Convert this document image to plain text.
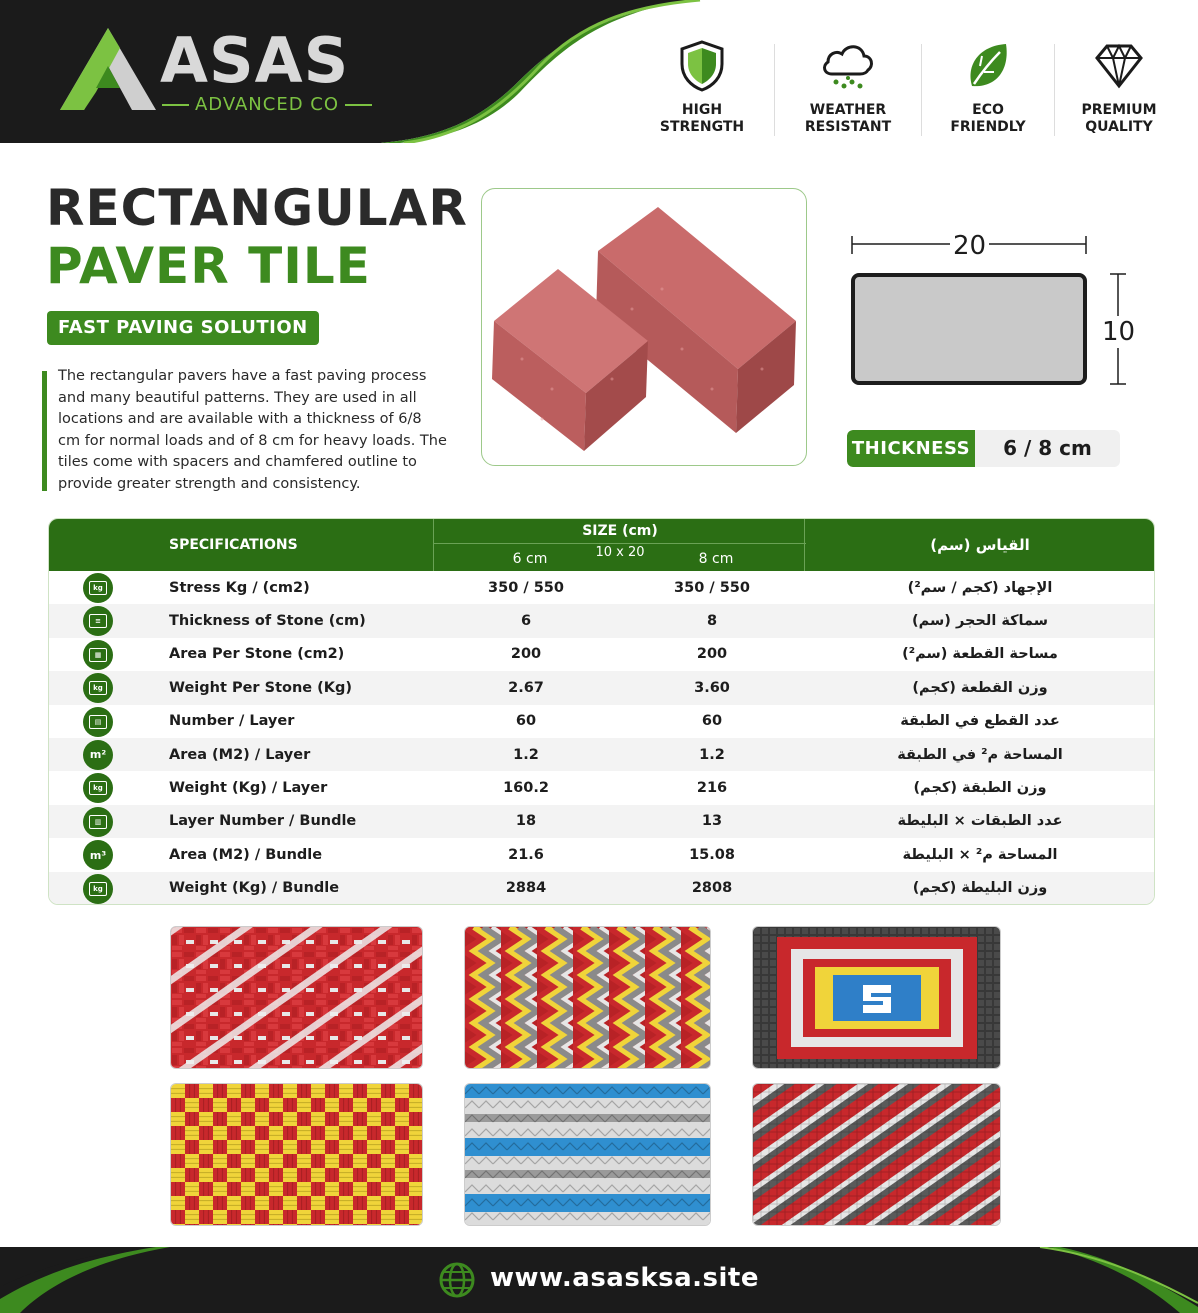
ASAS
ADVANCED CO	HIGH
STRENGTH
WEATHER
RESISTANT
ECO
FRIENDLY
PREMIUM
QUALITY
RECTANGULAR
PAVER TILE
FAST PAVING SOLUTION
The rectangular pavers have a fast paving process and many beautiful patterns. They are used in all locations and are available with a thickness of 6/8 cm for normal loads and of 8 cm for heavy loads. The tiles come with spacers and chamfered outline to provide greater strength and consistency.
20
10
THICKNESS	6 / 8 cm
SPECIFICATIONS
SIZE (cm)
10 x 20
6 cm	8 cm
القياس (سم)
kg	Stress Kg / (cm2)	350 / 550	350 / 550	الإجهاد (كجم / سم²)
≡	Thickness of Stone (cm)	6	8	سماكة الحجر (سم)
▦	Area Per Stone (cm2)	200	200	مساحة القطعة (سم²)
kg	Weight Per Stone (Kg)	2.67	3.60	وزن القطعة (كجم)
▤	Number / Layer	60	60	عدد القطع في الطبقة
m²	Area (M2) / Layer	1.2	1.2	المساحة م² في الطبقة
kg	Weight (Kg) / Layer	160.2	216	وزن الطبقة (كجم)
▥	Layer Number / Bundle	18	13	عدد الطبقات × البليطة
m³	Area (M2) / Bundle	21.6	15.08	المساحة م² × البليطة
kg	Weight (Kg) / Bundle	2884	2808	وزن البليطة (كجم)
www.asasksa.site
